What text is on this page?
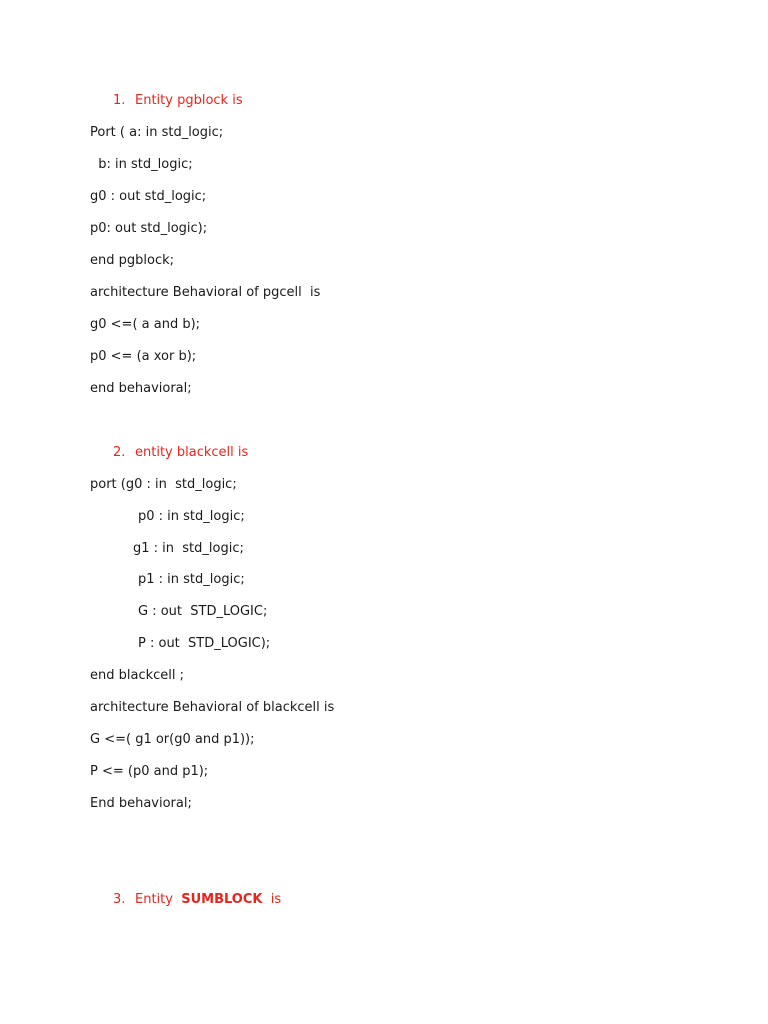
1. Entity pgblock is
Port ( a: in std_logic;
b: in std_logic;
g0 : out std_logic;
p0: out std_logic);
end pgblock;
architecture Behavioral of pgcell  is
g0 <=( a and b);
p0 <= (a xor b);
end behavioral;
2. entity blackcell is
port (g0 : in  std_logic;
p0 : in std_logic;
g1 : in  std_logic;
p1 : in std_logic;
G : out  STD_LOGIC;
P : out  STD_LOGIC);
end blackcell ;
architecture Behavioral of blackcell is
G <=( g1 or(g0 and p1));
P <= (p0 and p1);
End behavioral;
3. Entity SUMBLOCK is
